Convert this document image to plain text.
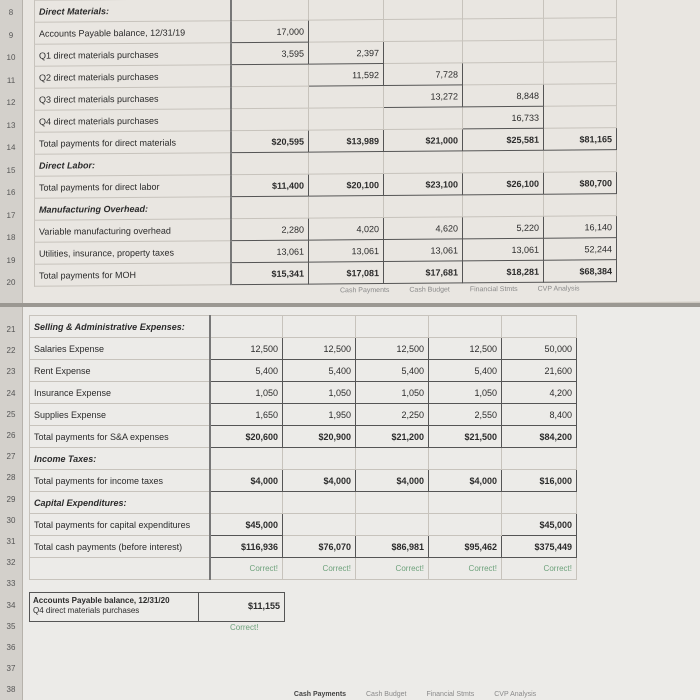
8
9
10
11
12
13
14
15
16
17
18
19
20
Direct Materials:					
Accounts Payable balance, 12/31/19	17,000				
Q1 direct materials purchases	3,595	2,397			
Q2 direct materials purchases		11,592	7,728		
Q3 direct materials purchases			13,272	8,848	
Q4 direct materials purchases				16,733	
Total payments for direct materials	$20,595	$13,989	$21,000	$25,581	$81,165
Direct Labor:					
Total payments for direct labor	$11,400	$20,100	$23,100	$26,100	$80,700
Manufacturing Overhead:					
Variable manufacturing overhead	2,280	4,020	4,620	5,220	16,140
Utilities, insurance, property taxes	13,061	13,061	13,061	13,061	52,244
Total payments for MOH	$15,341	$17,081	$17,681	$18,281	$68,384
Cash Payments	Cash Budget	Financial Stmts	CVP Analysis
21
22
23
24
25
26
27
28
29
30
31
32
33
34
35
36
37
38
Selling & Administrative Expenses:					
Salaries Expense	12,500	12,500	12,500	12,500	50,000
Rent Expense	5,400	5,400	5,400	5,400	21,600
Insurance Expense	1,050	1,050	1,050	1,050	4,200
Supplies Expense	1,650	1,950	2,250	2,550	8,400
Total payments for S&A expenses	$20,600	$20,900	$21,200	$21,500	$84,200
Income Taxes:					
Total payments for income taxes	$4,000	$4,000	$4,000	$4,000	$16,000
Capital Expenditures:					
Total payments for capital expenditures	$45,000				$45,000
Total cash payments (before interest)	$116,936	$76,070	$86,981	$95,462	$375,449
	Correct!	Correct!	Correct!	Correct!	Correct!
Accounts Payable balance, 12/31/20
Q4 direct materials purchases	$11,155
Correct!
Cash Payments	Cash Budget	Financial Stmts	CVP Analysis
